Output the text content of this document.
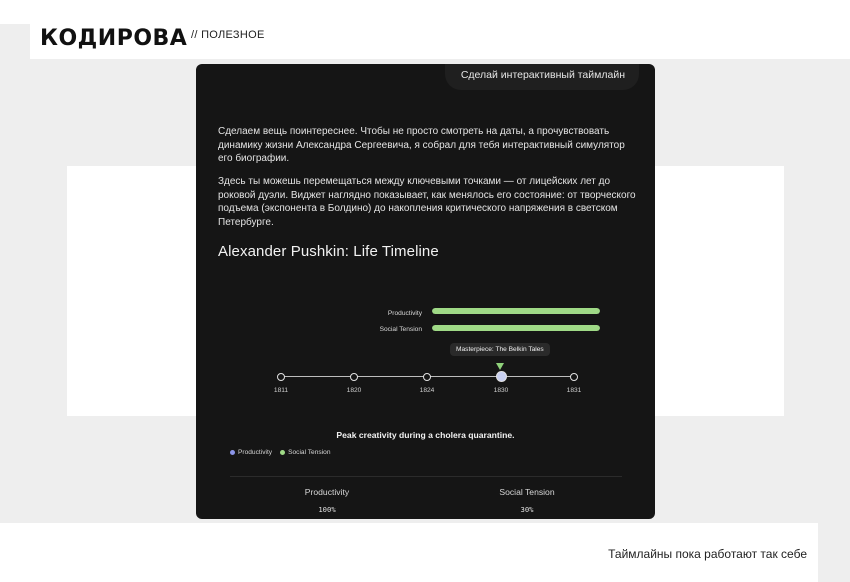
КОДИРОВА // ПОЛЕЗНОЕ
Сделай интерактивный таймлайн

Сделаем вещь поинтереснее. Чтобы не просто смотреть на даты, а прочувствовать динамику жизни Александра Сергеевича, я собрал для тебя интерактивный симулятор его биографии.

Здесь ты можешь перемещаться между ключевыми точками — от лицейских лет до роковой дуэли. Виджет наглядно показывает, как менялось его состояние: от творческого подъема (экспонента в Болдино) до накопления критического напряжения в светском Петербурге.

Alexander Pushkin: Life Timeline
Productivity
Social Tension
Masterpiece: The Belkin Tales
1811	1820	1824	1830	1831
Peak creativity during a cholera quarantine.
Productivity Social Tension
Productivity
100%
Social Tension
30%
Таймлайны пока работают так себе
